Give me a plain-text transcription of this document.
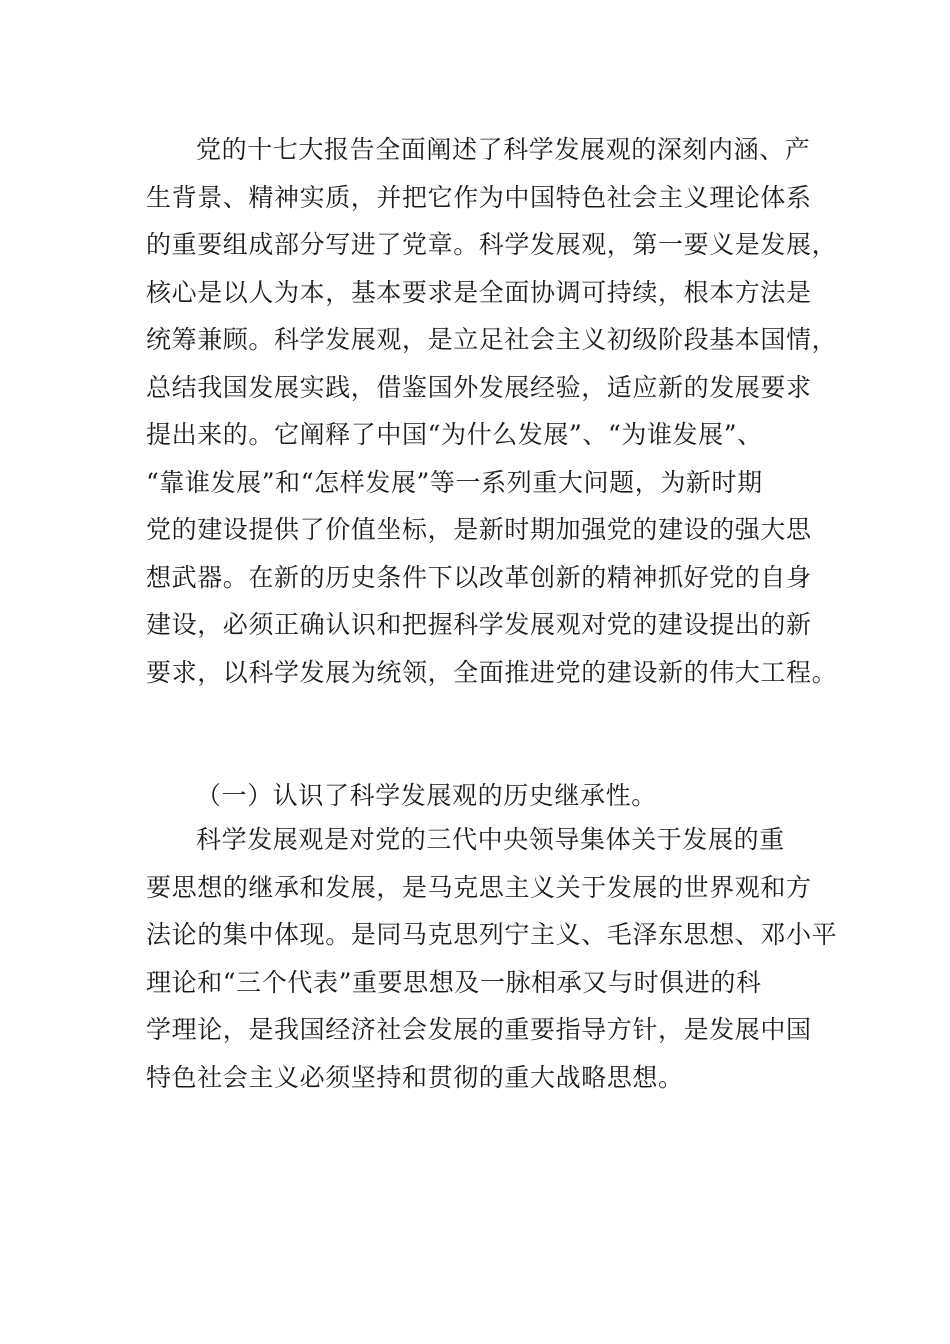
党的十七大报告全面阐述了科学发展观的深刻内涵、产
生背景、精神实质，并把它作为中国特色社会主义理论体系
的重要组成部分写进了党章。科学发展观，第一要义是发展，
核心是以人为本，基本要求是全面协调可持续，根本方法是
统筹兼顾。科学发展观，是立足社会主义初级阶段基本国情，
总结我国发展实践，借鉴国外发展经验，适应新的发展要求
提出来的。它阐释了中国“为什么发展”、“为谁发展”、
“靠谁发展”和“怎样发展”等一系列重大问题，为新时期
党的建设提供了价值坐标，是新时期加强党的建设的强大思
想武器。在新的历史条件下以改革创新的精神抓好党的自身
建设，必须正确认识和把握科学发展观对党的建设提出的新
要求，以科学发展为统领，全面推进党的建设新的伟大工程。
（一）认识了科学发展观的历史继承性。
科学发展观是对党的三代中央领导集体关于发展的重
要思想的继承和发展，是马克思主义关于发展的世界观和方
法论的集中体现。是同马克思列宁主义、毛泽东思想、邓小平
理论和“三个代表”重要思想及一脉相承又与时俱进的科
学理论，是我国经济社会发展的重要指导方针，是发展中国
特色社会主义必须坚持和贯彻的重大战略思想。
